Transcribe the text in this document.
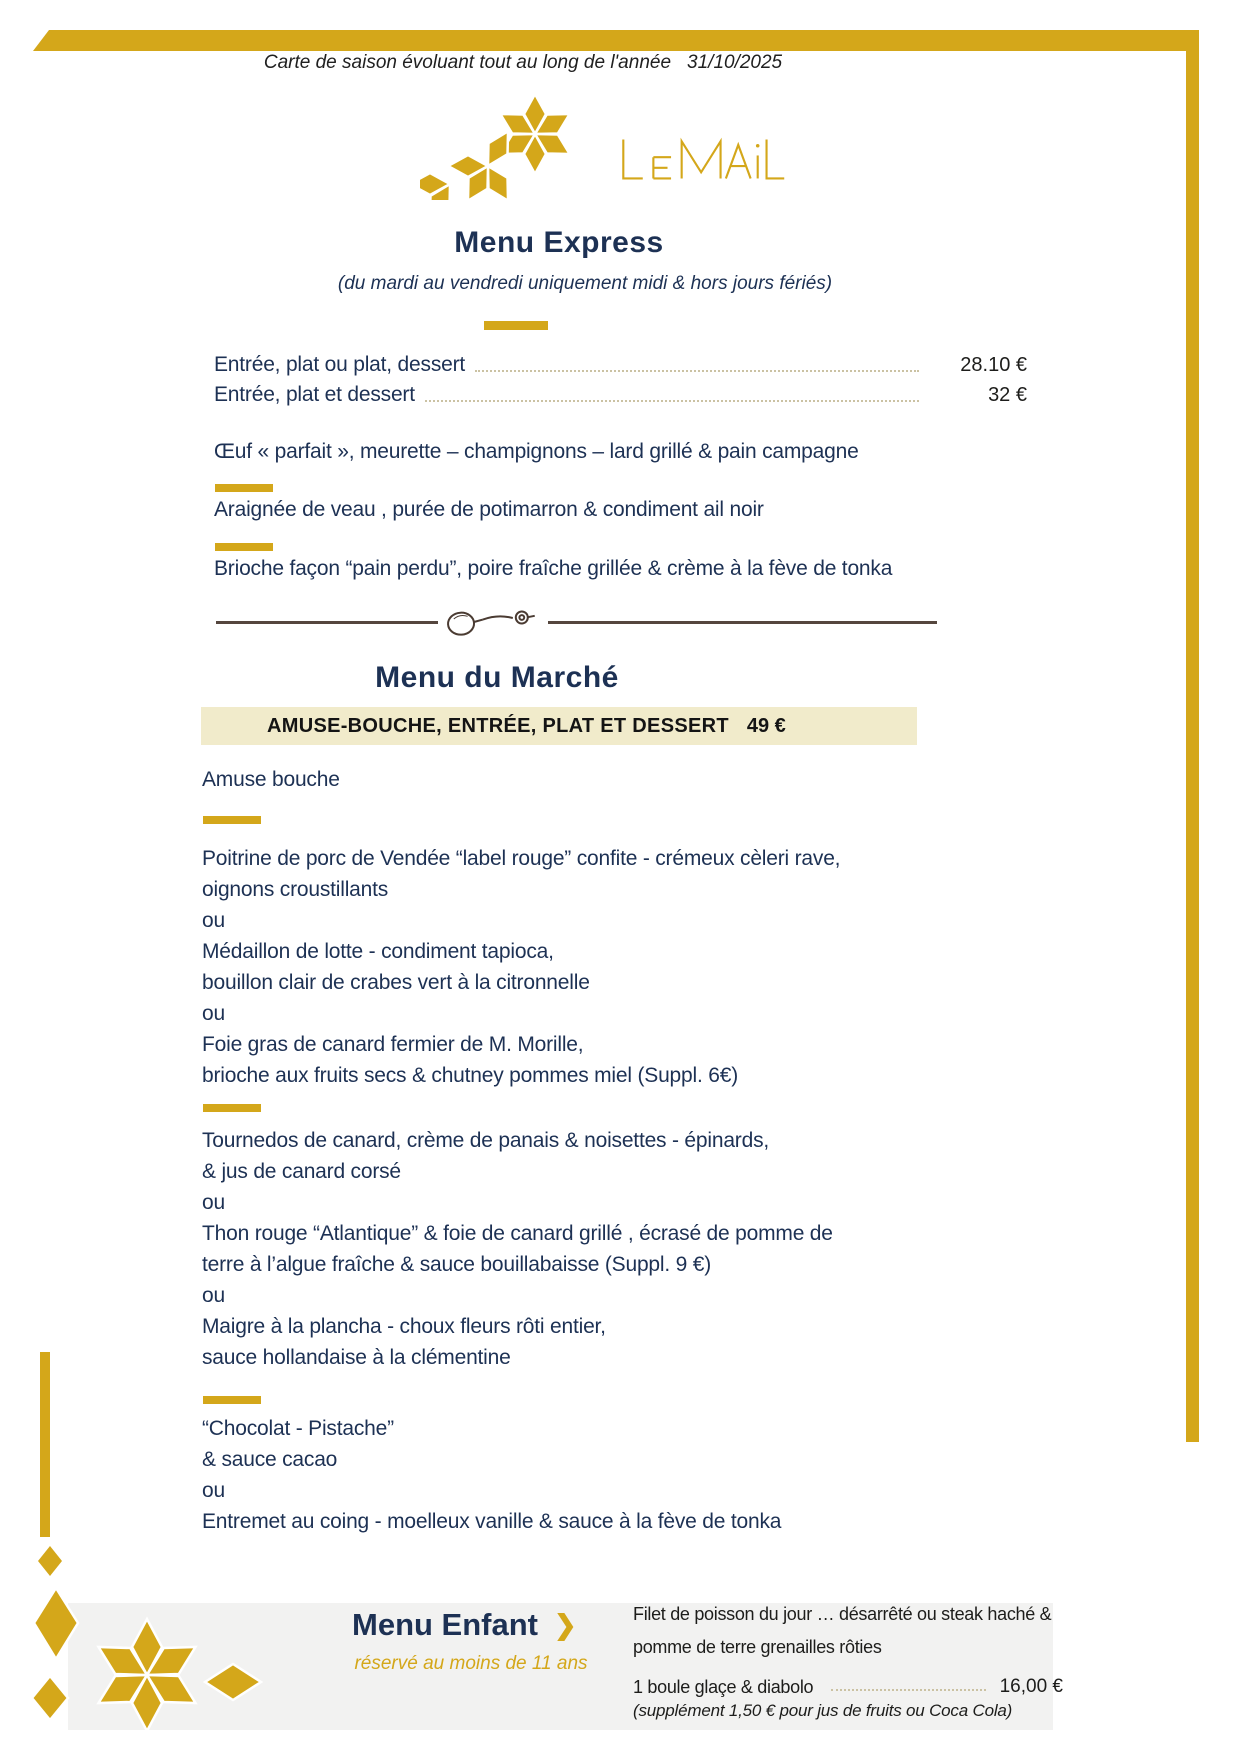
Carte de saison évoluant tout au long de l'année 31/10/2025
Menu Express
(du mardi au vendredi uniquement midi & hors jours fériés)
Entrée, plat ou plat, dessert	28.10 €
Entrée, plat et dessert	32 €
Œuf « parfait », meurette – champignons – lard grillé & pain campagne
Araignée de veau , purée de potimarron & condiment ail noir
Brioche façon “pain perdu”, poire fraîche grillée & crème à la fève de tonka
Menu du Marché
AMUSE-BOUCHE, ENTRÉE, PLAT ET DESSERT 49 €
Amuse bouche
Poitrine de porc de Vendée “label rouge” confite - crémeux cèleri rave,
oignons croustillants
ou
Médaillon de lotte - condiment tapioca,
bouillon clair de crabes vert à la citronnelle
ou
Foie gras de canard fermier de M. Morille,
brioche aux fruits secs & chutney pommes miel (Suppl. 6€)
Tournedos de canard, crème de panais & noisettes - épinards,
& jus de canard corsé
ou
Thon rouge “Atlantique” & foie de canard grillé , écrasé de pomme de
terre à l’algue fraîche & sauce bouillabaisse (Suppl. 9 €)
ou
Maigre à la plancha - choux fleurs rôti entier,
sauce hollandaise à la clémentine
“Chocolat - Pistache”
& sauce cacao
ou
Entremet au coing - moelleux vanille & sauce à la fève de tonka
Menu Enfant ❯
réservé au moins de 11 ans
Filet de poisson du jour … désarrêté ou steak haché &
pomme de terre grenailles rôties
1 boule glaçe & diabolo	16,00 €
(supplément 1,50 € pour jus de fruits ou Coca Cola)
